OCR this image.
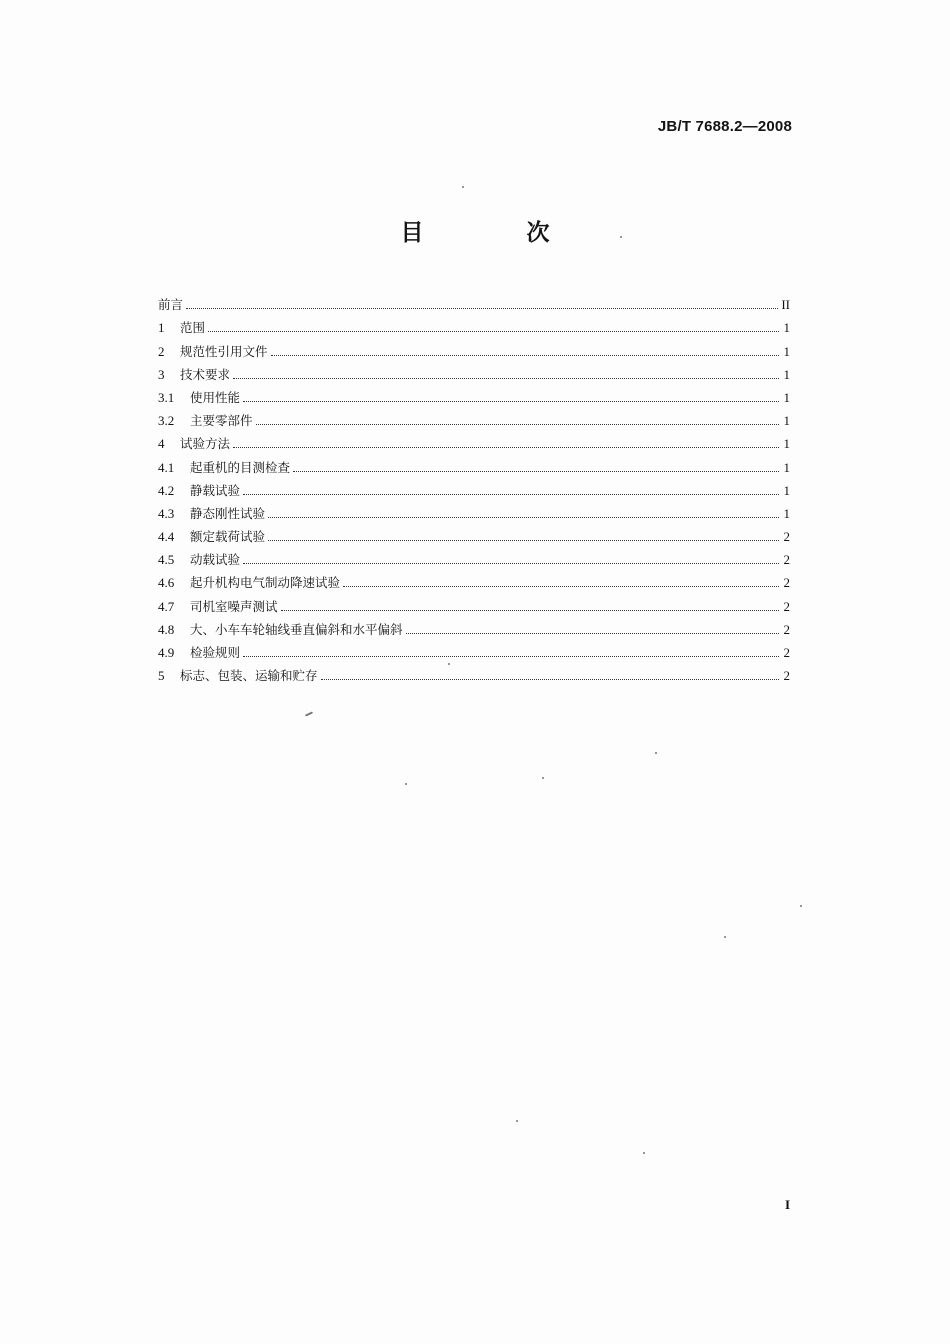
JB/T 7688.2—2008
目　次
前言	II
1	范围	1
2	规范性引用文件	1
3	技术要求	1
3.1	使用性能	1
3.2	主要零部件	1
4	试验方法	1
4.1	起重机的目测检查	1
4.2	静载试验	1
4.3	静态刚性试验	1
4.4	额定载荷试验	2
4.5	动载试验	2
4.6	起升机构电气制动降速试验	2
4.7	司机室噪声测试	2
4.8	大、小车车轮轴线垂直偏斜和水平偏斜	2
4.9	检验规则	2
5	标志、包装、运输和贮存	2
I
